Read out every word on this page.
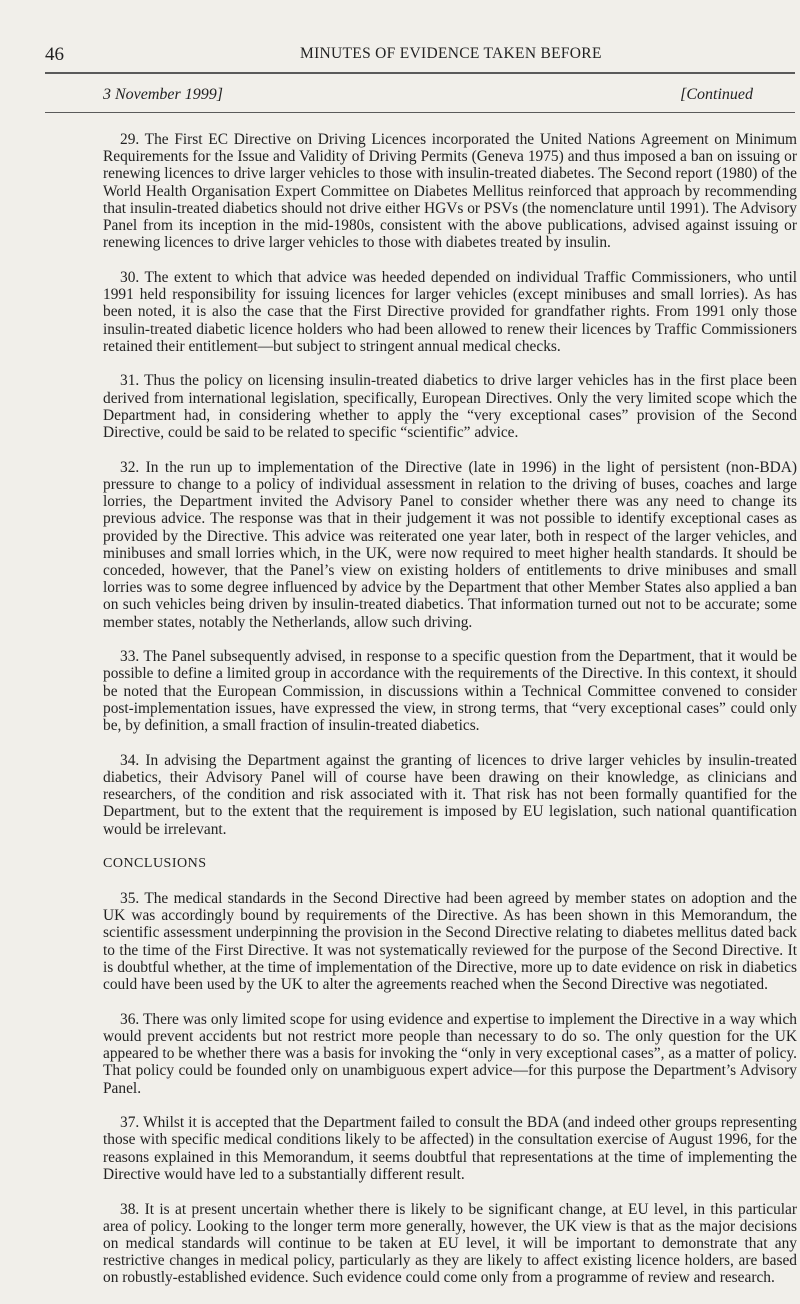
46	MINUTES OF EVIDENCE TAKEN BEFORE
3 November 1999]	[Continued

29. The First EC Directive on Driving Licences incorporated the United Nations Agreement on Minimum Requirements for the Issue and Validity of Driving Permits (Geneva 1975) and thus imposed a ban on issuing or renewing licences to drive larger vehicles to those with insulin-treated diabetes. The Second report (1980) of the World Health Organisation Expert Committee on Diabetes Mellitus reinforced that approach by recommending that insulin-treated diabetics should not drive either HGVs or PSVs (the nomenclature until 1991). The Advisory Panel from its inception in the mid-1980s, consistent with the above publications, advised against issuing or renewing licences to drive larger vehicles to those with diabetes treated by insulin.

30. The extent to which that advice was heeded depended on individual Traffic Commissioners, who until 1991 held responsibility for issuing licences for larger vehicles (except minibuses and small lorries). As has been noted, it is also the case that the First Directive provided for grandfather rights. From 1991 only those insulin-treated diabetic licence holders who had been allowed to renew their licences by Traffic Commissioners retained their entitlement—but subject to stringent annual medical checks.

31. Thus the policy on licensing insulin-treated diabetics to drive larger vehicles has in the first place been derived from international legislation, specifically, European Directives. Only the very limited scope which the Department had, in considering whether to apply the “very exceptional cases” provision of the Second Directive, could be said to be related to specific “scientific” advice.

32. In the run up to implementation of the Directive (late in 1996) in the light of persistent (non-BDA) pressure to change to a policy of individual assessment in relation to the driving of buses, coaches and large lorries, the Department invited the Advisory Panel to consider whether there was any need to change its previous advice. The response was that in their judgement it was not possible to identify exceptional cases as provided by the Directive. This advice was reiterated one year later, both in respect of the larger vehicles, and minibuses and small lorries which, in the UK, were now required to meet higher health standards. It should be conceded, however, that the Panel’s view on existing holders of entitlements to drive minibuses and small lorries was to some degree influenced by advice by the Department that other Member States also applied a ban on such vehicles being driven by insulin-treated diabetics. That information turned out not to be accurate; some member states, notably the Netherlands, allow such driving.

33. The Panel subsequently advised, in response to a specific question from the Department, that it would be possible to define a limited group in accordance with the requirements of the Directive. In this context, it should be noted that the European Commission, in discussions within a Technical Committee convened to consider post-implementation issues, have expressed the view, in strong terms, that “very exceptional cases” could only be, by definition, a small fraction of insulin-treated diabetics.

34. In advising the Department against the granting of licences to drive larger vehicles by insulin-treated diabetics, their Advisory Panel will of course have been drawing on their knowledge, as clinicians and researchers, of the condition and risk associated with it. That risk has not been formally quantified for the Department, but to the extent that the requirement is imposed by EU legislation, such national quantification would be irrelevant.

CONCLUSIONS

35. The medical standards in the Second Directive had been agreed by member states on adoption and the UK was accordingly bound by requirements of the Directive. As has been shown in this Memorandum, the scientific assessment underpinning the provision in the Second Directive relating to diabetes mellitus dated back to the time of the First Directive. It was not systematically reviewed for the purpose of the Second Directive. It is doubtful whether, at the time of implementation of the Directive, more up to date evidence on risk in diabetics could have been used by the UK to alter the agreements reached when the Second Directive was negotiated.

36. There was only limited scope for using evidence and expertise to implement the Directive in a way which would prevent accidents but not restrict more people than necessary to do so. The only question for the UK appeared to be whether there was a basis for invoking the “only in very exceptional cases”, as a matter of policy. That policy could be founded only on unambiguous expert advice—for this purpose the Department’s Advisory Panel.

37. Whilst it is accepted that the Department failed to consult the BDA (and indeed other groups representing those with specific medical conditions likely to be affected) in the consultation exercise of August 1996, for the reasons explained in this Memorandum, it seems doubtful that representations at the time of implementing the Directive would have led to a substantially different result.

38. It is at present uncertain whether there is likely to be significant change, at EU level, in this particular area of policy. Looking to the longer term more generally, however, the UK view is that as the major decisions on medical standards will continue to be taken at EU level, it will be important to demonstrate that any restrictive changes in medical policy, particularly as they are likely to affect existing licence holders, are based on robustly-established evidence. Such evidence could come only from a programme of review and research.
